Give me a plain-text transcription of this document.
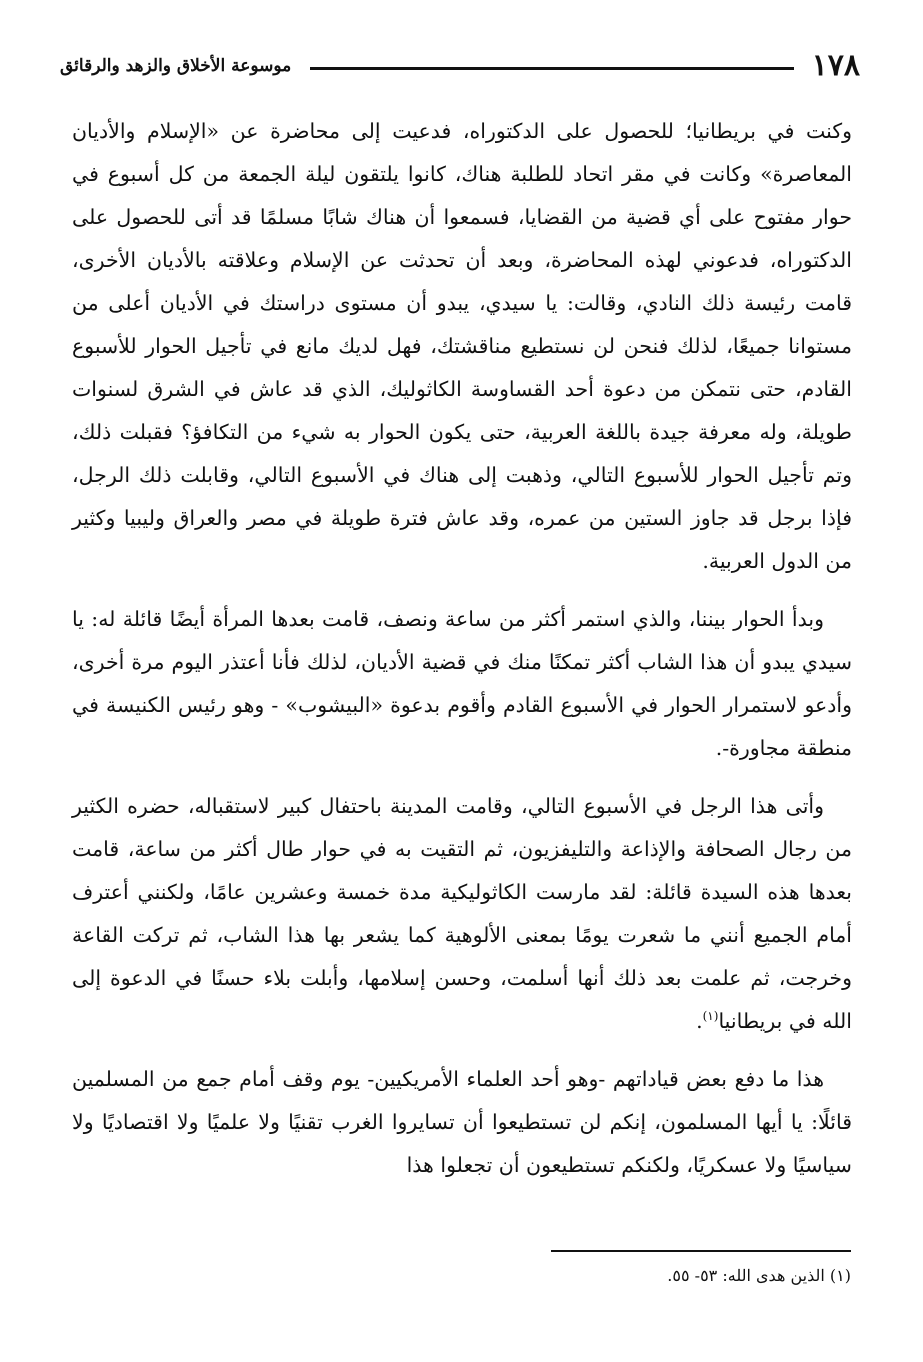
١٧٨
موسوعة الأخلاق والزهد والرقائق

وكنت في بريطانيا؛ للحصول على الدكتوراه، فدعيت إلى محاضرة عن «الإسلام والأديان المعاصرة» وكانت في مقر اتحاد للطلبة هناك، كانوا يلتقون ليلة الجمعة من كل أسبوع في حوار مفتوح على أي قضية من القضايا، فسمعوا أن هناك شابًا مسلمًا قد أتى للحصول على الدكتوراه، فدعوني لهذه المحاضرة، وبعد أن تحدثت عن الإسلام وعلاقته بالأديان الأخرى، قامت رئيسة ذلك النادي، وقالت: يا سيدي، يبدو أن مستوى دراستك في الأديان أعلى من مستوانا جميعًا، لذلك فنحن لن نستطيع مناقشتك، فهل لديك مانع في تأجيل الحوار للأسبوع القادم، حتى نتمكن من دعوة أحد القساوسة الكاثوليك، الذي قد عاش في الشرق لسنوات طويلة، وله معرفة جيدة باللغة العربية، حتى يكون الحوار به شيء من التكافؤ؟ فقبلت ذلك، وتم تأجيل الحوار للأسبوع التالي، وذهبت إلى هناك في الأسبوع التالي، وقابلت ذلك الرجل، فإذا برجل قد جاوز الستين من عمره، وقد عاش فترة طويلة في مصر والعراق وليبيا وكثير من الدول العربية.

وبدأ الحوار بيننا، والذي استمر أكثر من ساعة ونصف، قامت بعدها المرأة أيضًا قائلة له: يا سيدي يبدو أن هذا الشاب أكثر تمكنًا منك في قضية الأديان، لذلك فأنا أعتذر اليوم مرة أخرى، وأدعو لاستمرار الحوار في الأسبوع القادم وأقوم بدعوة «البيشوب» - وهو رئيس الكنيسة في منطقة مجاورة-.

وأتى هذا الرجل في الأسبوع التالي، وقامت المدينة باحتفال كبير لاستقباله، حضره الكثير من رجال الصحافة والإذاعة والتليفزيون، ثم التقيت به في حوار طال أكثر من ساعة، قامت بعدها هذه السيدة قائلة: لقد مارست الكاثوليكية مدة خمسة وعشرين عامًا، ولكنني أعترف أمام الجميع أنني ما شعرت يومًا بمعنى الألوهية كما يشعر بها هذا الشاب، ثم تركت القاعة وخرجت، ثم علمت بعد ذلك أنها أسلمت، وحسن إسلامها، وأبلت بلاء حسنًا في الدعوة إلى الله في بريطانيا$^{(١)}$.

هذا ما دفع بعض قياداتهم -وهو أحد العلماء الأمريكيين- يوم وقف أمام جمع من المسلمين قائلًا: يا أيها المسلمون، إنكم لن تستطيعوا أن تسايروا الغرب تقنيًا ولا علميًا ولا اقتصاديًا ولا سياسيًا ولا عسكريًا، ولكنكم تستطيعون أن تجعلوا هذا

(١) الذين هدى الله: ٥٣- ٥٥.
